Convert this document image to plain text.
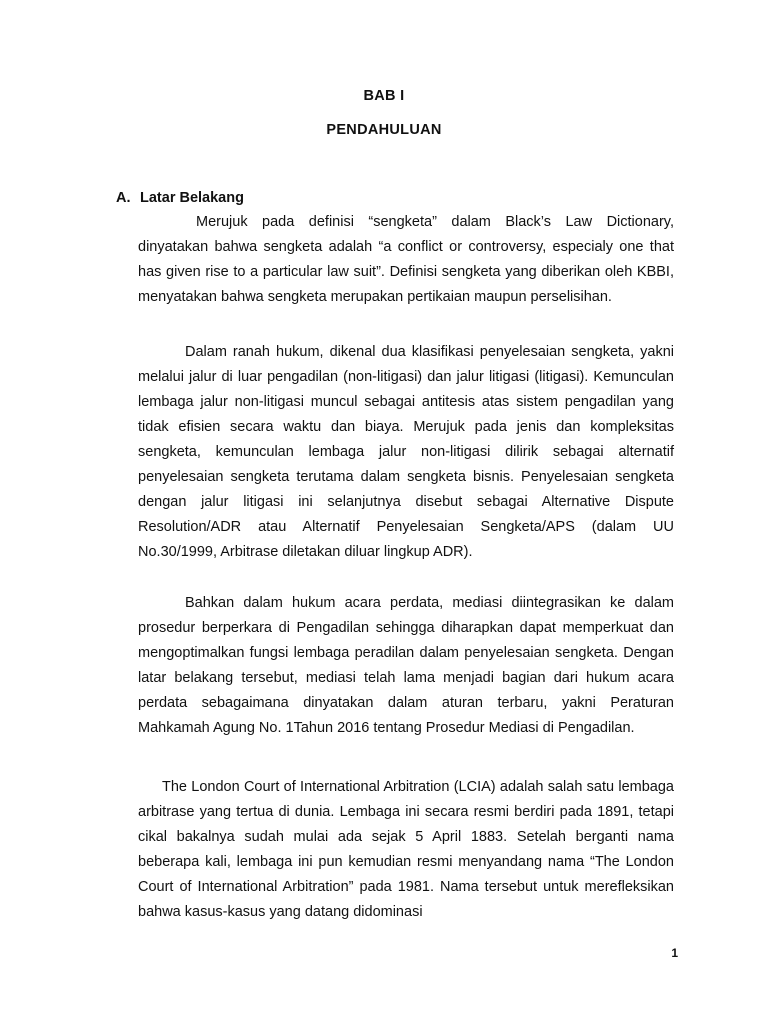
BAB I
PENDAHULUAN
A. Latar Belakang

Merujuk pada definisi “sengketa” dalam Black’s Law Dictionary, dinyatakan bahwa sengketa adalah “a conflict or controversy, especialy one that has given rise to a particular law suit”. Definisi sengketa yang diberikan oleh KBBI, menyatakan bahwa sengketa merupakan pertikaian maupun perselisihan.

Dalam ranah hukum, dikenal dua klasifikasi penyelesaian sengketa, yakni melalui jalur di luar pengadilan (non-litigasi) dan jalur litigasi (litigasi). Kemunculan lembaga jalur non-litigasi muncul sebagai antitesis atas sistem pengadilan yang tidak efisien secara waktu dan biaya. Merujuk pada jenis dan kompleksitas sengketa, kemunculan lembaga jalur non-litigasi dilirik sebagai alternatif penyelesaian sengketa terutama dalam sengketa bisnis. Penyelesaian sengketa dengan jalur litigasi ini selanjutnya disebut sebagai Alternative Dispute Resolution/ADR atau Alternatif Penyelesaian Sengketa/APS (dalam UU No.30/1999, Arbitrase diletakan diluar lingkup ADR).

Bahkan dalam hukum acara perdata, mediasi diintegrasikan ke dalam prosedur berperkara di Pengadilan sehingga diharapkan dapat memperkuat dan mengoptimalkan fungsi lembaga peradilan dalam penyelesaian sengketa. Dengan latar belakang tersebut, mediasi telah lama menjadi bagian dari hukum acara perdata sebagaimana dinyatakan dalam aturan terbaru, yakni Peraturan Mahkamah Agung No. 1Tahun 2016 tentang Prosedur Mediasi di Pengadilan.

The London Court of International Arbitration (LCIA) adalah salah satu lembaga arbitrase yang tertua di dunia. Lembaga ini secara resmi berdiri pada 1891, tetapi cikal bakalnya sudah mulai ada sejak 5 April 1883. Setelah berganti nama beberapa kali, lembaga ini pun kemudian resmi menyandang nama “The London Court of International Arbitration” pada 1981. Nama tersebut untuk merefleksikan bahwa kasus-kasus yang datang didominasi

1
